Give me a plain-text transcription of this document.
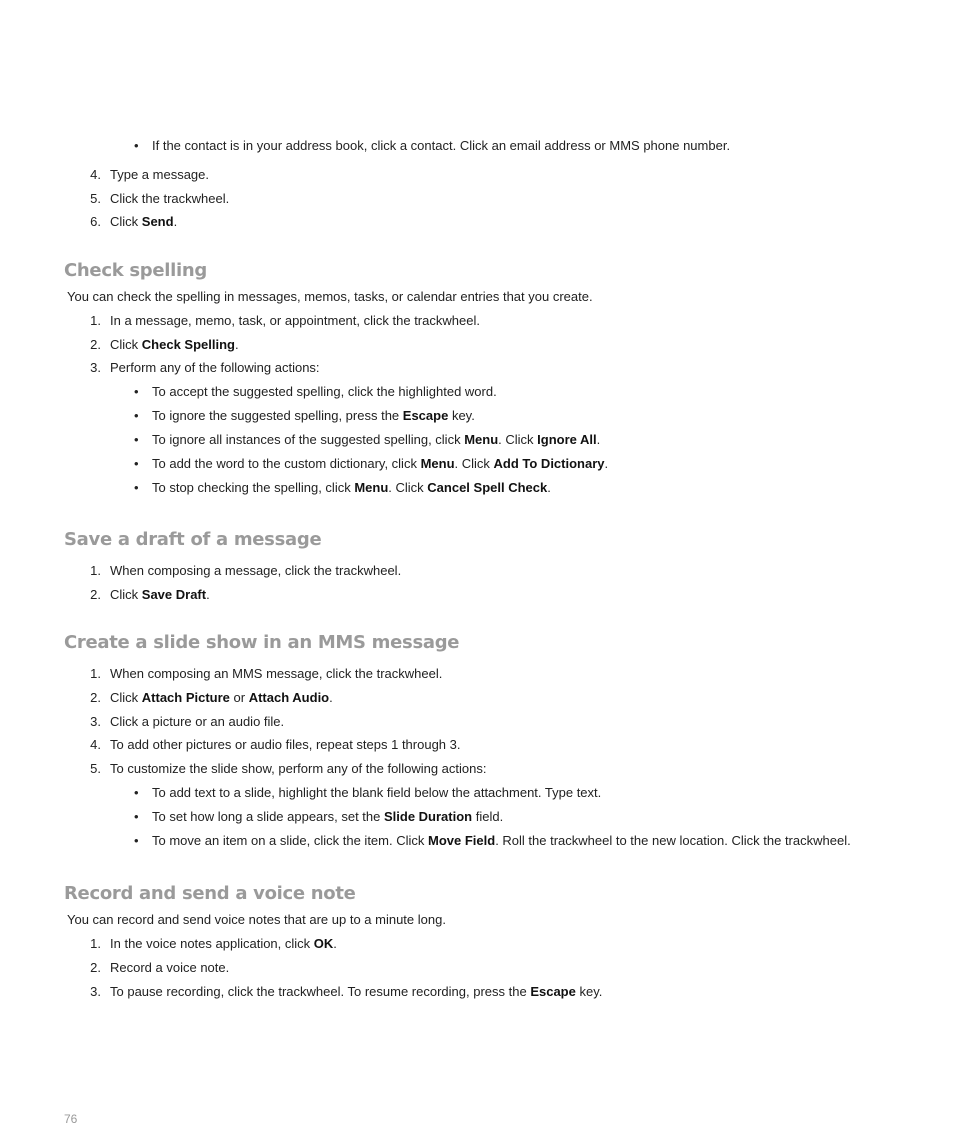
• If the contact is in your address book, click a contact. Click an email address or MMS phone number.
4. Type a message.
5. Click the trackwheel.
6. Click Send.
Check spelling
You can check the spelling in messages, memos, tasks, or calendar entries that you create.
1. In a message, memo, task, or appointment, click the trackwheel.
2. Click Check Spelling.
3. Perform any of the following actions:
• To accept the suggested spelling, click the highlighted word.
• To ignore the suggested spelling, press the Escape key.
• To ignore all instances of the suggested spelling, click Menu. Click Ignore All.
• To add the word to the custom dictionary, click Menu. Click Add To Dictionary.
• To stop checking the spelling, click Menu. Click Cancel Spell Check.
Save a draft of a message
1. When composing a message, click the trackwheel.
2. Click Save Draft.
Create a slide show in an MMS message
1. When composing an MMS message, click the trackwheel.
2. Click Attach Picture or Attach Audio.
3. Click a picture or an audio file.
4. To add other pictures or audio files, repeat steps 1 through 3.
5. To customize the slide show, perform any of the following actions:
• To add text to a slide, highlight the blank field below the attachment. Type text.
• To set how long a slide appears, set the Slide Duration field.
• To move an item on a slide, click the item. Click Move Field. Roll the trackwheel to the new location. Click the trackwheel.
Record and send a voice note
You can record and send voice notes that are up to a minute long.
1. In the voice notes application, click OK.
2. Record a voice note.
3. To pause recording, click the trackwheel. To resume recording, press the Escape key.
76
